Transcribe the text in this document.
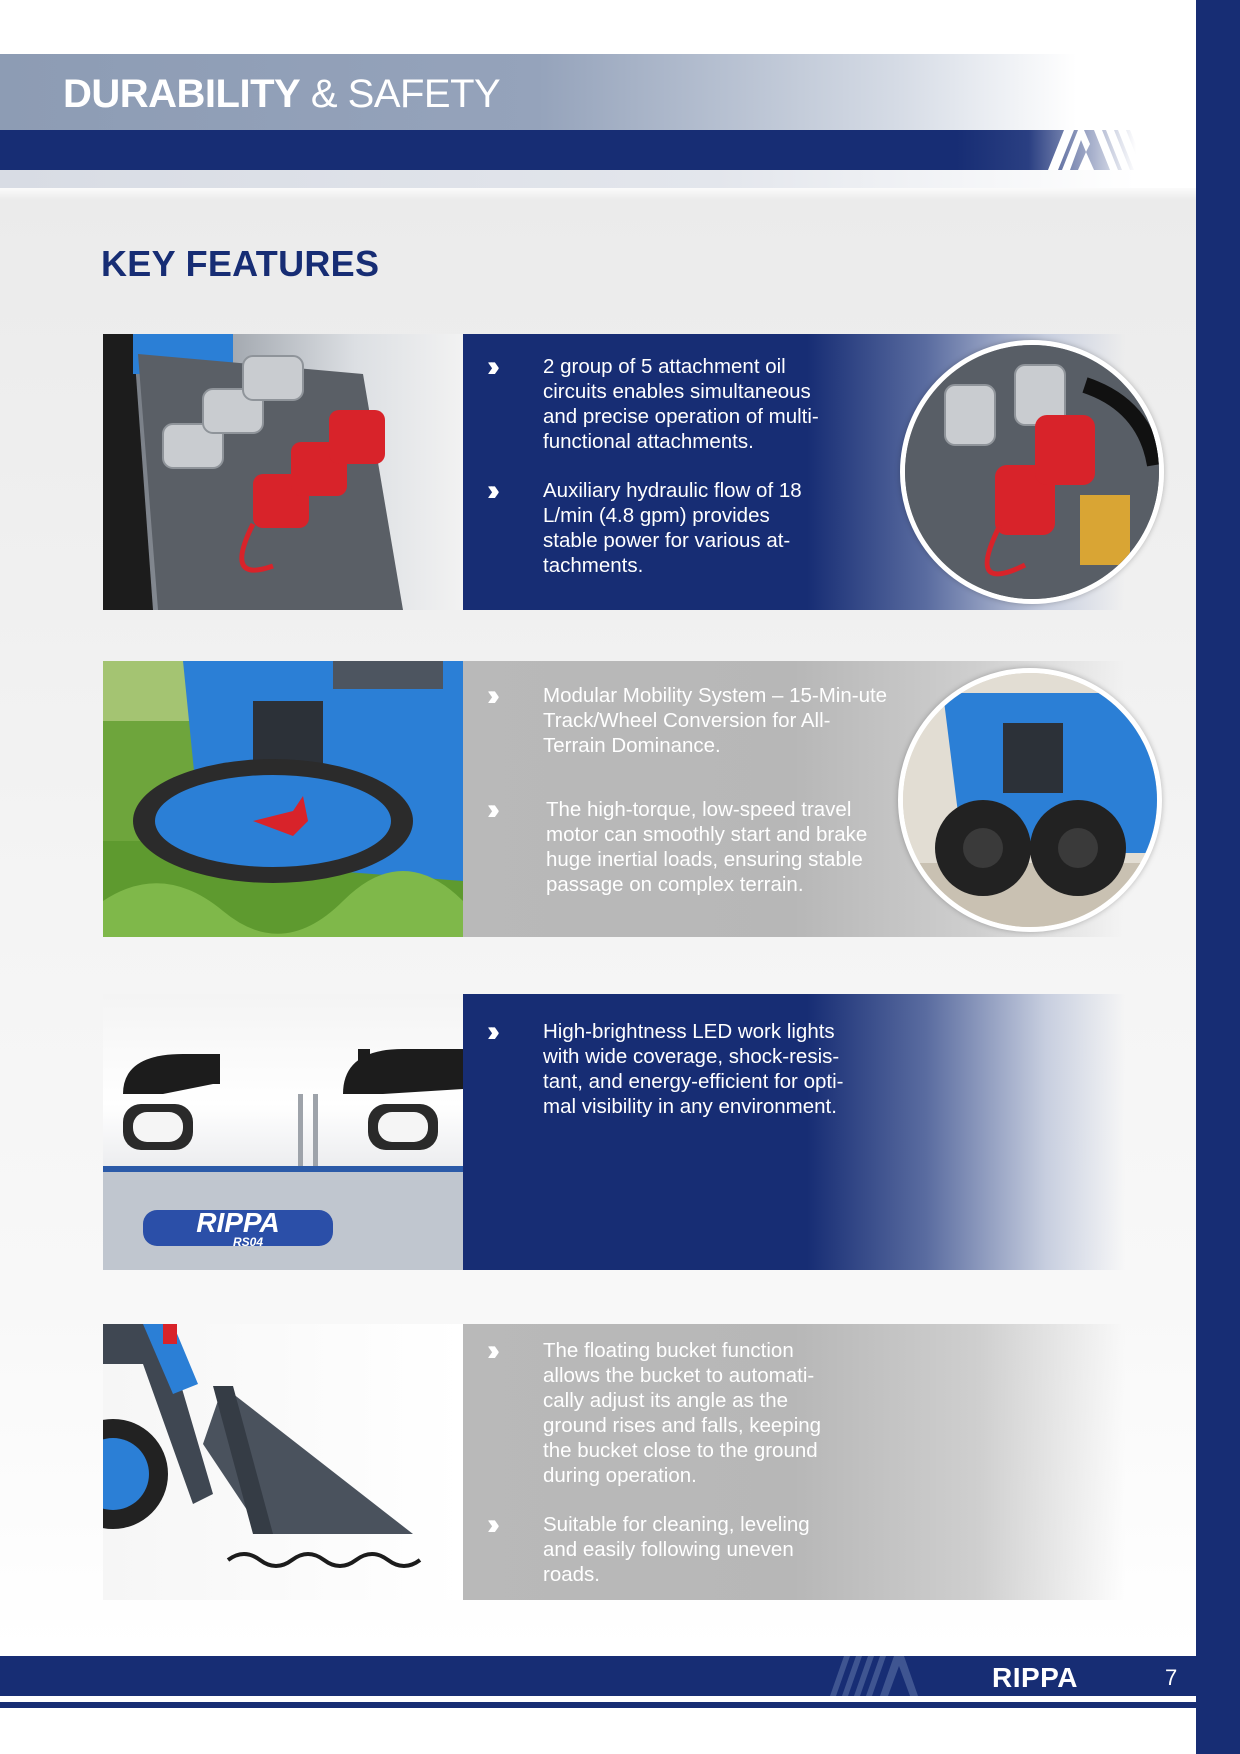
DURABILITY & SAFETY
KEY FEATURES
››	2 group of 5 attachment oil circuits enables simultaneous and precise operation of multi-functional attachments.
››	Auxiliary hydraulic flow of 18 L/min (4.8 gpm) provides stable power for various at-tachments.
››	Modular Mobility System – 15-Min-ute Track/Wheel Conversion for All-Terrain Dominance.
››	The high-torque, low-speed travel motor can smoothly start and brake huge inertial loads, ensuring stable passage on complex terrain.
RIPPA
RS04
››	High-brightness LED work lights with wide coverage, shock-resis-tant, and energy-efficient for opti-mal visibility in any environment.
››	The floating bucket function allows the bucket to automati-cally adjust its angle as the ground rises and falls, keeping the bucket close to the ground during operation.
››	Suitable for cleaning, leveling and easily following uneven roads.
RIPPA	7
